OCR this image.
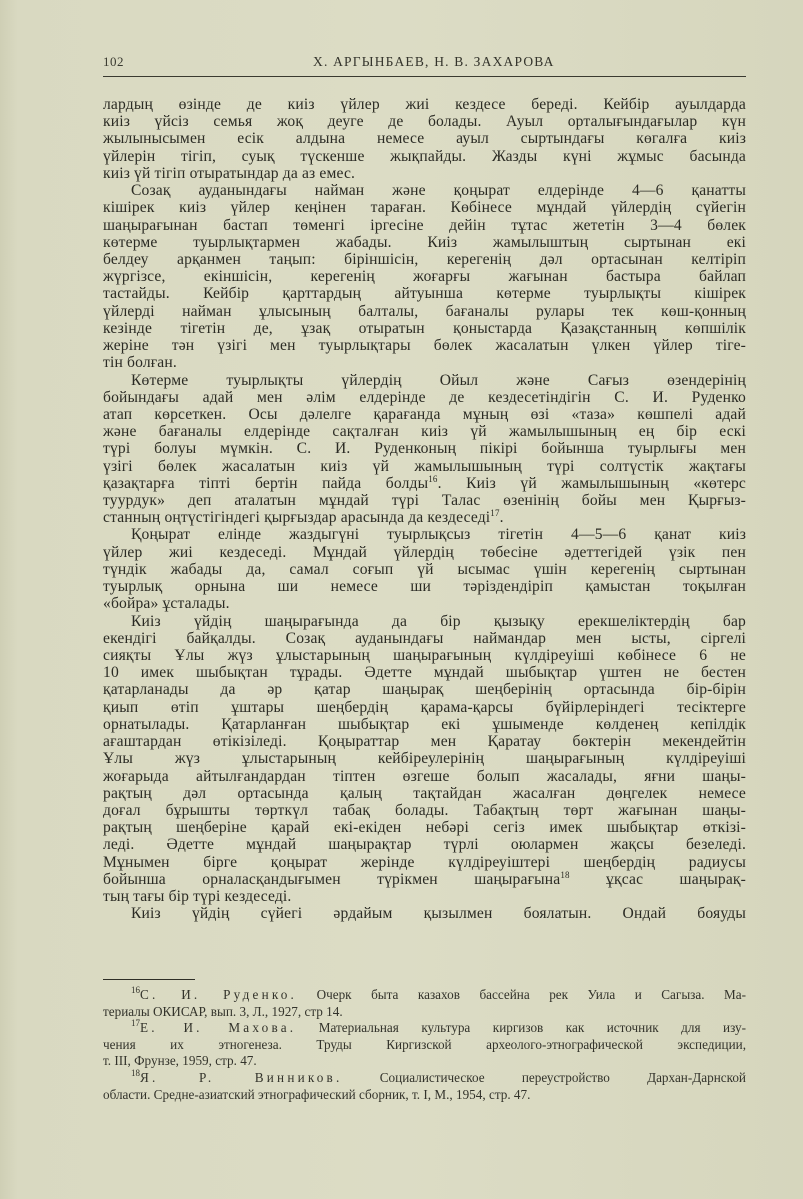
102	Х. АРГЫНБАЕВ, Н. В. ЗАХАРОВА
лардың өзінде де киіз үйлер жиі кездесе береді. Кейбір ауылдарда
киіз үйсіз семья жоқ деуге де болады. Ауыл орталығындағылар күн
жылынысымен есік алдына немесе ауыл сыртындағы көгалға киіз
үйлерін тігіп, суық түскенше жықпайды. Жазды күні жұмыс басында
киіз үй тігіп отыратындар да аз емес.
Созақ ауданындағы найман және қоңырат елдерінде 4—6 қанатты
кішірек киіз үйлер кеңінен тараған. Көбінесе мұндай үйлердің сүйегін
шаңырағынан бастап төменгі іргесіне дейін тұтас жететін 3—4 бөлек
көтерме туырлықтармен жабады. Киіз жамылыштың сыртынан екі
белдеу арқанмен таңып: біріншісін, керегенің дәл ортасынан келтіріп
жүргізсе, екіншісін, керегенің жоғарғы жағынан бастыра байлап
тастайды. Кейбір қарттардың айтуынша көтерме туырлықты кішірек
үйлерді найман ұлысының балталы, бағаналы рулары тек көш-қонның
кезінде тігетін де, ұзақ отыратын қоныстарда Қазақстанның көпшілік
жеріне тән үзігі мен туырлықтары бөлек жасалатын үлкен үйлер тіге-
тін болған.
Көтерме туырлықты үйлердің Ойыл және Сағыз өзендерінің
бойындағы адай мен әлім елдерінде де кездесетіндігін С. И. Руденко
атап көрсеткен. Осы дәлелге қарағанда мұның өзі «таза» көшпелі адай
және бағаналы елдерінде сақталған киіз үй жамылышының ең бір ескі
түрі болуы мүмкін. С. И. Руденконың пікірі бойынша туырлығы мен
үзігі бөлек жасалатын киіз үй жамылышының түрі солтүстік жақтағы
қазақтарға тіпті бертін пайда болды$^{16}$. Киіз үй жамылышының «көтерс
туурдук» деп аталатын мұндай түрі Талас өзенінің бойы мен Қырғыз-
станның оңтүстігіндегі қырғыздар арасында да кездеседі$^{17}$.
Қоңырат елінде жаздыгүні туырлықсыз тігетін 4—5—6 қанат киіз
үйлер жиі кездеседі. Мұндай үйлердің төбесіне әдеттегідей үзік пен
түндік жабады да, самал соғып үй ысымас үшін керегенің сыртынан
туырлық орнына ши немесе ши тәріздендіріп қамыстан тоқылған
«бойра» ұсталады.
Киіз үйдің шаңырағында да бір қызықу ерекшеліктердің бар
екендігі байқалды. Созақ ауданындағы наймандар мен ысты, сіргелі
сияқты Ұлы жүз ұлыстарының шаңырағының күлдіреуіші көбінесе 6 не
10 имек шыбықтан тұрады. Әдетте мұндай шыбықтар үштен не бестен
қатарланады да әр қатар шаңырақ шеңберінің ортасында бір-бірін
қиып өтіп ұштары шеңбердің қарама-қарсы бүйірлеріндегі тесіктерге
орнатылады. Қатарланған шыбықтар екі ұшыменде көлденең кепілдік
ағаштардан өтікізіледі. Қоңыраттар мен Қаратау бөктерін мекендейтін
Ұлы жүз ұлыстарының кейбіреулерінің шаңырағының күлдіреуіші
жоғарыда айтылғандардан тіптен өзгеше болып жасалады, яғни шаңы-
рақтың дәл ортасында қалың тақтайдан жасалған дөңгелек немесе
доғал бұрышты төрткүл табақ болады. Табақтың төрт жағынан шаңы-
рақтың шеңберіне қарай екі-екіден небәрі сегіз имек шыбықтар өткізі-
леді. Әдетте мұндай шаңырақтар түрлі оюлармен жақсы безеледі.
Мұнымен бірге қоңырат жерінде күлдіреуіштері шеңбердің радиусы
бойынша орналасқандығымен түрікмен шаңырағына$^{18}$ ұқсас шаңырақ-
тың тағы бір түрі кездеседі.
Киіз үйдің сүйегі әрдайым қызылмен боялатын. Ондай бояуды
$^{16}$С. И. Руденко. Очерк быта казахов бассейна рек Уила и Сагыза. Ма-
териалы ОКИСАР, вып. 3, Л., 1927, стр 14.
$^{17}$Е. И. Махова. Материальная культура киргизов как источник для изу-
чения их этногенеза. Труды Киргизской археолого-этнографической экспедиции,
т. III, Фрунзе, 1959, стр. 47.
$^{18}$Я. Р. Винников.	Социалистическое переустройство Дархан-Дарнской
области. Средне-азиатский этнографический сборник, т. I, М., 1954, стр. 47.
